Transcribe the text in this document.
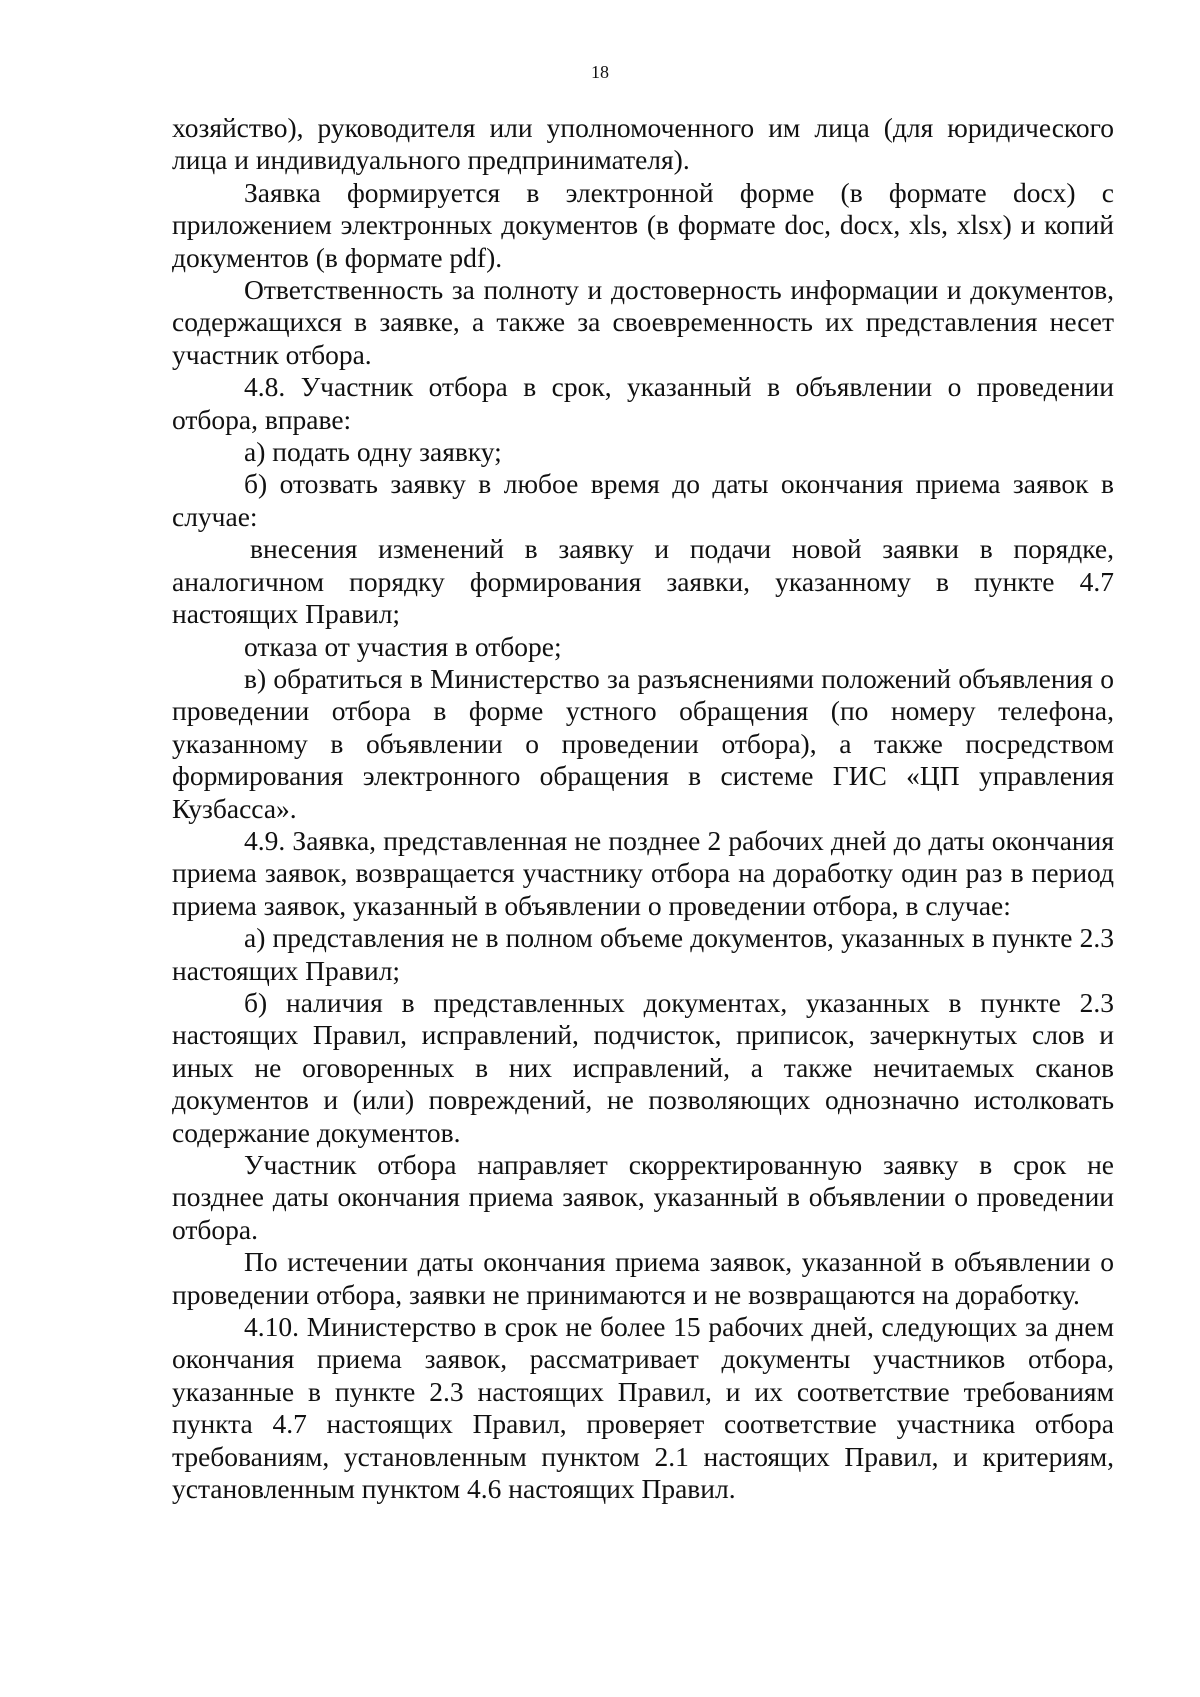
18

хозяйство), руководителя или уполномоченного им лица (для юридического лица и индивидуального предпринимателя).

Заявка формируется в электронной форме (в формате docx) с приложением электронных документов (в формате doc, docx, xls, xlsx) и копий документов (в формате pdf).

Ответственность за полноту и достоверность информации и документов, содержащихся в заявке, а также за своевременность их представления несет участник отбора.

4.8. Участник отбора в срок, указанный в объявлении о проведении отбора, вправе:

а) подать одну заявку;

б) отозвать заявку в любое время до даты окончания приема заявок в случае:

внесения изменений в заявку и подачи новой заявки в порядке, аналогичном порядку формирования заявки, указанному в пункте 4.7 настоящих Правил;

отказа от участия в отборе;

в) обратиться в Министерство за разъяснениями положений объявления о проведении отбора в форме устного обращения (по номеру телефона, указанному в объявлении о проведении отбора), а также посредством формирования электронного обращения в системе ГИС «ЦП управления Кузбасса».

4.9. Заявка, представленная не позднее 2 рабочих дней до даты окончания приема заявок, возвращается участнику отбора на доработку один раз в период приема заявок, указанный в объявлении о проведении отбора, в случае:

а) представления не в полном объеме документов, указанных в пункте 2.3 настоящих Правил;

б) наличия в представленных документах, указанных в пункте 2.3 настоящих Правил, исправлений, подчисток, приписок, зачеркнутых слов и иных не оговоренных в них исправлений, а также нечитаемых сканов документов и (или) повреждений, не позволяющих однозначно истолковать содержание документов.

Участник отбора направляет скорректированную заявку в срок не позднее даты окончания приема заявок, указанный в объявлении о проведении отбора.

По истечении даты окончания приема заявок, указанной в объявлении о проведении отбора, заявки не принимаются и не возвращаются на доработку.

4.10. Министерство в срок не более 15 рабочих дней, следующих за днем окончания приема заявок, рассматривает документы участников отбора, указанные в пункте 2.3 настоящих Правил, и их соответствие требованиям пункта 4.7 настоящих Правил, проверяет соответствие участника отбора требованиям, установленным пунктом 2.1 настоящих Правил, и критериям, установленным пунктом 4.6 настоящих Правил.
